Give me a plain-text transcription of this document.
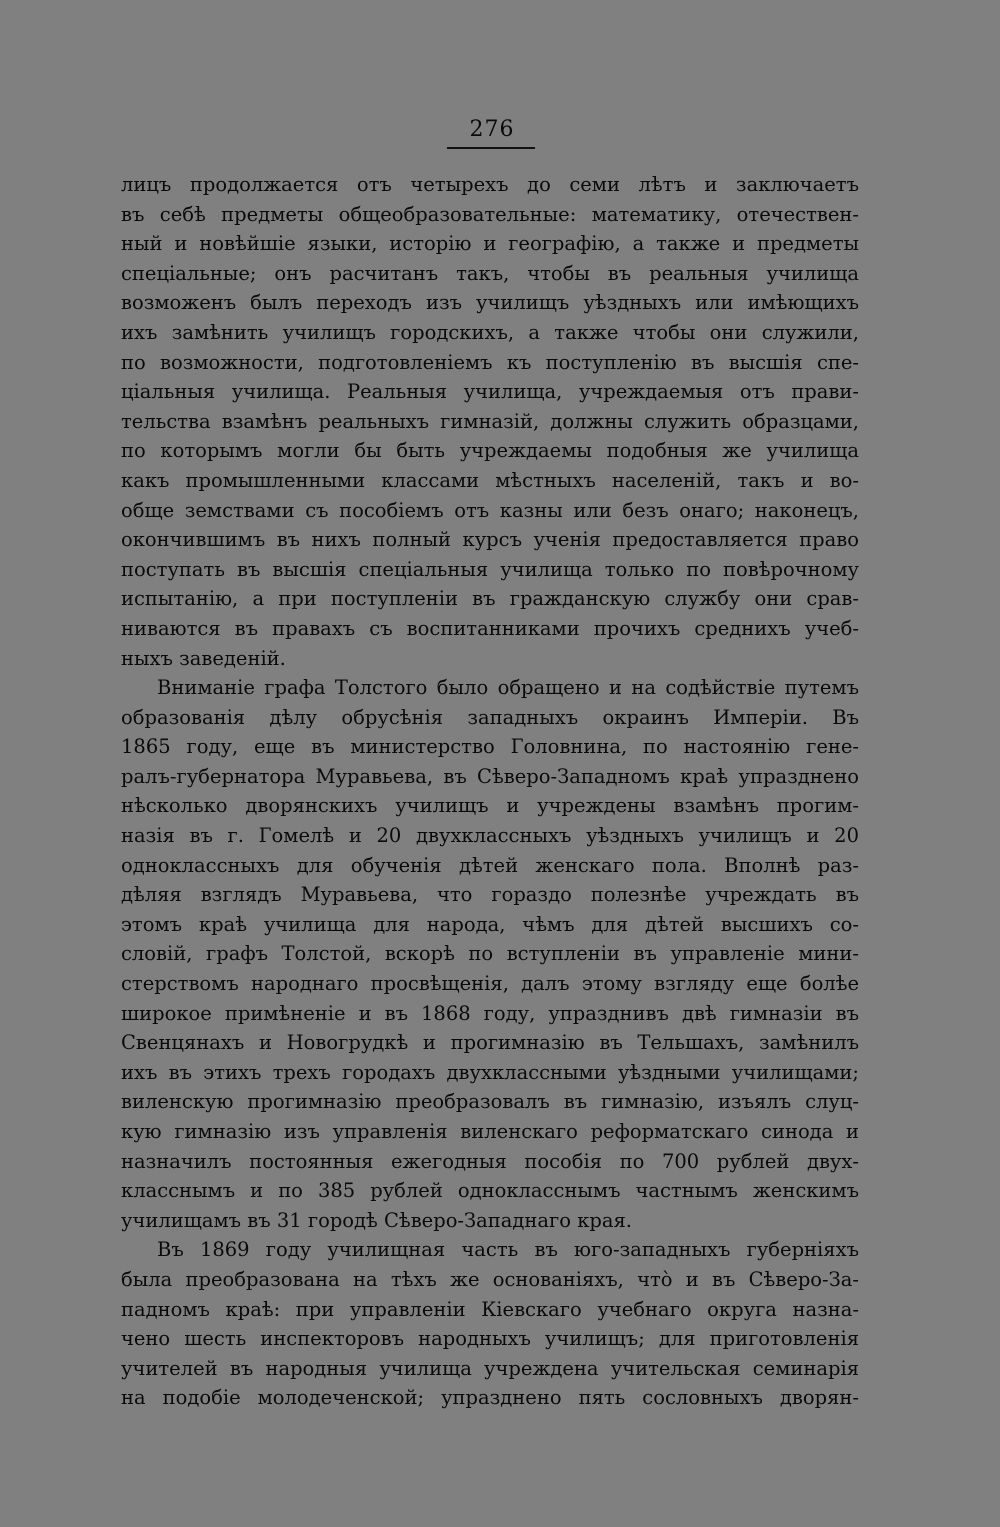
276
лицъ продолжается отъ четырехъ до семи лѣтъ и заключаетъ
въ себѣ предметы общеобразовательные: математику, отечествен-
ный и новѣйшіе языки, исторію и географію, а также и предметы
спеціальные; онъ расчитанъ такъ, чтобы въ реальныя училища
возможенъ былъ переходъ изъ училищъ уѣздныхъ или имѣющихъ
ихъ замѣнить училищъ городскихъ, а также чтобы они служили,
по возможности, подготовленіемъ къ поступленію въ высшія спе-
ціальныя училища. Реальныя училища, учреждаемыя отъ прави-
тельства взамѣнъ реальныхъ гимназій, должны служить образцами,
по которымъ могли бы быть учреждаемы подобныя же училища
какъ промышленными классами мѣстныхъ населеній, такъ и во-
обще земствами съ пособіемъ отъ казны или безъ онаго; наконецъ,
окончившимъ въ нихъ полный курсъ ученія предоставляется право
поступать въ высшія спеціальныя училища только по повѣрочному
испытанію, а при поступленіи въ гражданскую службу они срав-
ниваются въ правахъ съ воспитанниками прочихъ среднихъ учеб-
ныхъ заведеній.
Вниманіе графа Толстого было обращено и на содѣйствіе путемъ
образованія дѣлу обрусѣнія западныхъ окраинъ Имперіи. Въ
1865 году, еще въ министерство Головнина, по настоянію гене-
ралъ-губернатора Муравьева, въ Сѣверо-Западномъ краѣ упразднено
нѣсколько дворянскихъ училищъ и учреждены взамѣнъ прогим-
назія въ г. Гомелѣ и 20 двухклассныхъ уѣздныхъ училищъ и 20
одноклассныхъ для обученія дѣтей женскаго пола. Вполнѣ раз-
дѣляя взглядъ Муравьева, что гораздо полезнѣе учреждать въ
этомъ краѣ училища для народа, чѣмъ для дѣтей высшихъ со-
словій, графъ Толстой, вскорѣ по вступленіи въ управленіе мини-
стерствомъ народнаго просвѣщенія, далъ этому взгляду еще болѣе
широкое примѣненіе и въ 1868 году, упразднивъ двѣ гимназіи въ
Свенцянахъ и Новогрудкѣ и прогимназію въ Тельшахъ, замѣнилъ
ихъ въ этихъ трехъ городахъ двухклассными уѣздными училищами;
виленскую прогимназію преобразовалъ въ гимназію, изъялъ слуц-
кую гимназію изъ управленія виленскаго реформатскаго синода и
назначилъ постоянныя ежегодныя пособія по 700 рублей двух-
класснымъ и по 385 рублей однокласснымъ частнымъ женскимъ
училищамъ въ 31 городѣ Сѣверо-Западнаго края.
Въ 1869 году училищная часть въ юго-западныхъ губерніяхъ
была преобразована на тѣхъ же основаніяхъ, что̀ и въ Сѣверо-За-
падномъ краѣ: при управленіи Кіевскаго учебнаго округа назна-
чено шесть инспекторовъ народныхъ училищъ; для приготовленія
учителей въ народныя училища учреждена учительская семинарія
на подобіе молодеченской; упразднено пять сословныхъ дворян-
